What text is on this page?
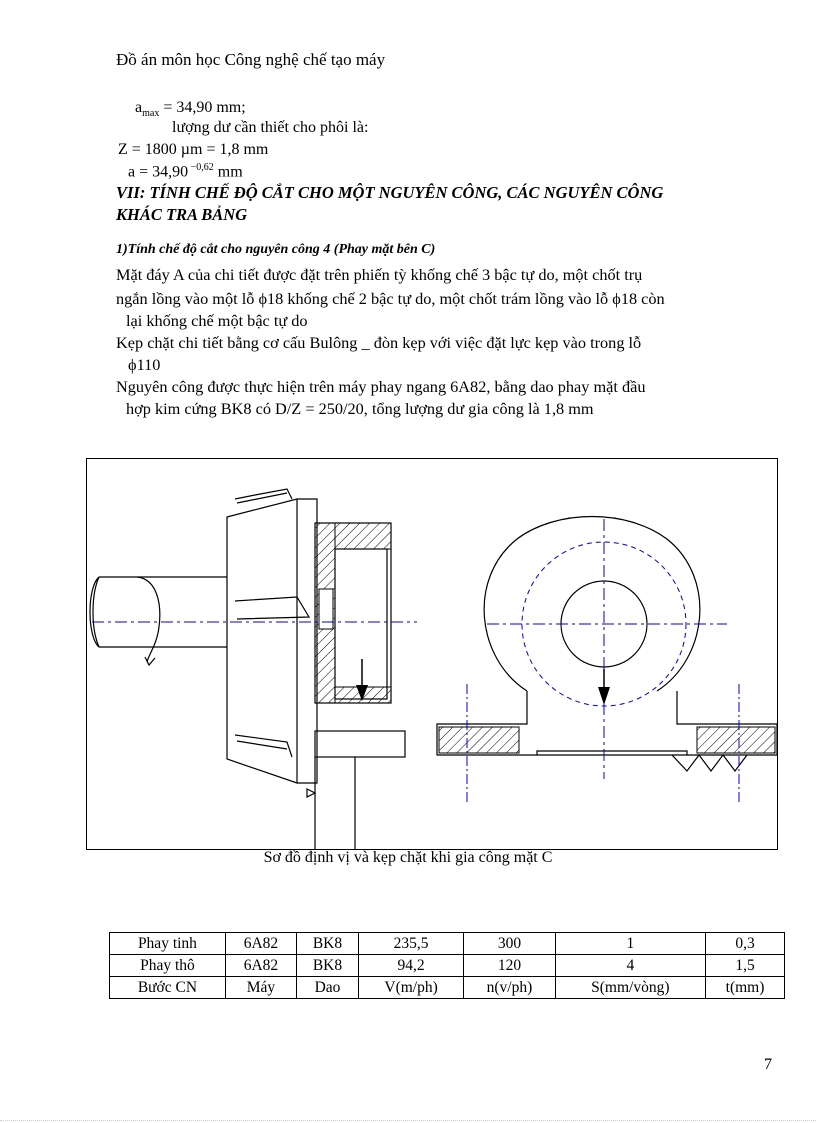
Đồ án môn học Công nghệ chế tạo máy
$a_{max} = 34,90$ mm;
lượng dư cần thiết cho phôi là:
Z = 1800 µm = 1,8 mm
a = 34,90 $^{-0,62}$ mm
VII: TÍNH CHẾ ĐỘ CẮT CHO MỘT NGUYÊN CÔNG, CÁC NGUYÊN CÔNG
KHÁC TRA BẢNG
1)Tính chế độ cắt cho nguyên công 4 (Phay mặt bên C)
Mặt đáy A của chi tiết được đặt trên phiến tỳ khống chế 3 bậc tự do, một chốt trụ
ngắn lồng vào một lỗ ϕ18 khống chế 2 bậc tự do, một chốt trám lồng vào lỗ ϕ18 còn
lại khống chế một bậc tự do
Kẹp chặt chi tiết bằng cơ cấu Bulông _ đòn kẹp với việc đặt lực kẹp vào trong lỗ
ϕ110
Nguyên công được thực hiện trên máy phay ngang 6A82, bằng dao phay mặt đầu
hợp kim cứng BK8 có D/Z = 250/20, tổng lượng dư gia công là 1,8 mm
Sơ đồ định vị và kẹp chặt khi gia công mặt C
Phay tinh	6A82	BK8	235,5	300	1	0,3
Phay thô	6A82	BK8	94,2	120	4	1,5
Bước CN	Máy	Dao	V(m/ph)	n(v/ph)	S(mm/vòng)	t(mm)
7
